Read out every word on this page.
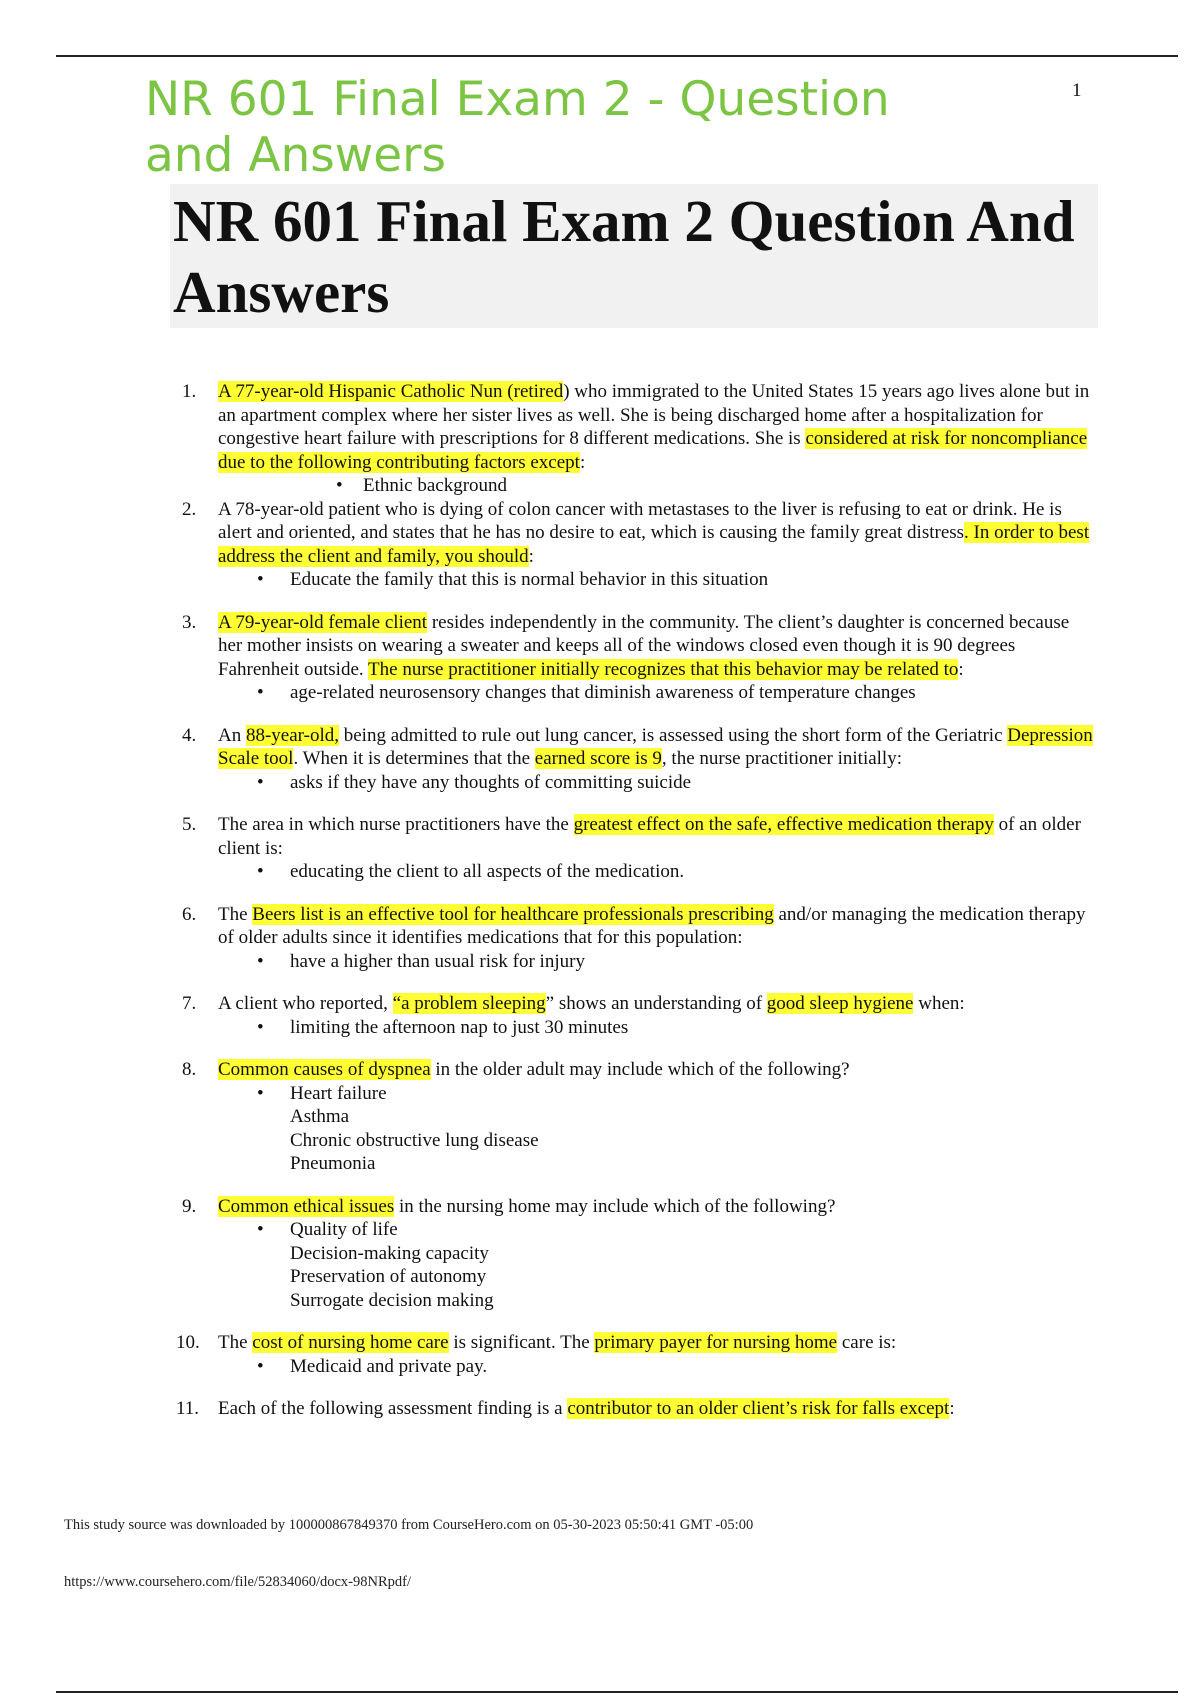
NR 601 Final Exam 2 - Question and Answers
1
NR 601 Final Exam 2 Question And Answers
1.	A 77-year-old Hispanic Catholic Nun (retired) who immigrated to the United States 15 years ago lives alone but in an apartment complex where her sister lives as well. She is being discharged home after a hospitalization for congestive heart failure with prescriptions for 8 different medications. She is considered at risk for noncompliance due to the following contributing factors except:
• Ethnic background
2.	A 78-year-old patient who is dying of colon cancer with metastases to the liver is refusing to eat or drink. He is alert and oriented, and states that he has no desire to eat, which is causing the family great distress. In order to best address the client and family, you should:
• Educate the family that this is normal behavior in this situation
3.	A 79-year-old female client resides independently in the community. The client’s daughter is concerned because her mother insists on wearing a sweater and keeps all of the windows closed even though it is 90 degrees Fahrenheit outside. The nurse practitioner initially recognizes that this behavior may be related to:
• age-related neurosensory changes that diminish awareness of temperature changes
4.	An 88-year-old, being admitted to rule out lung cancer, is assessed using the short form of the Geriatric Depression Scale tool. When it is determines that the earned score is 9, the nurse practitioner initially:
• asks if they have any thoughts of committing suicide
5.	The area in which nurse practitioners have the greatest effect on the safe, effective medication therapy of an older client is:
• educating the client to all aspects of the medication.
6.	The Beers list is an effective tool for healthcare professionals prescribing and/or managing the medication therapy of older adults since it identifies medications that for this population:
• have a higher than usual risk for injury
7.	A client who reported, “a problem sleeping” shows an understanding of good sleep hygiene when:
• limiting the afternoon nap to just 30 minutes
8.	Common causes of dyspnea in the older adult may include which of the following?
• Heart failure
Asthma
Chronic obstructive lung disease
Pneumonia
9.	Common ethical issues in the nursing home may include which of the following?
• Quality of life
Decision-making capacity
Preservation of autonomy
Surrogate decision making
10. The cost of nursing home care is significant. The primary payer for nursing home care is:
• Medicaid and private pay.
11. Each of the following assessment finding is a contributor to an older client’s risk for falls except:

This study source was downloaded by 100000867849370 from CourseHero.com on 05-30-2023 05:50:41 GMT -05:00

https://www.coursehero.com/file/52834060/docx-98NRpdf/
